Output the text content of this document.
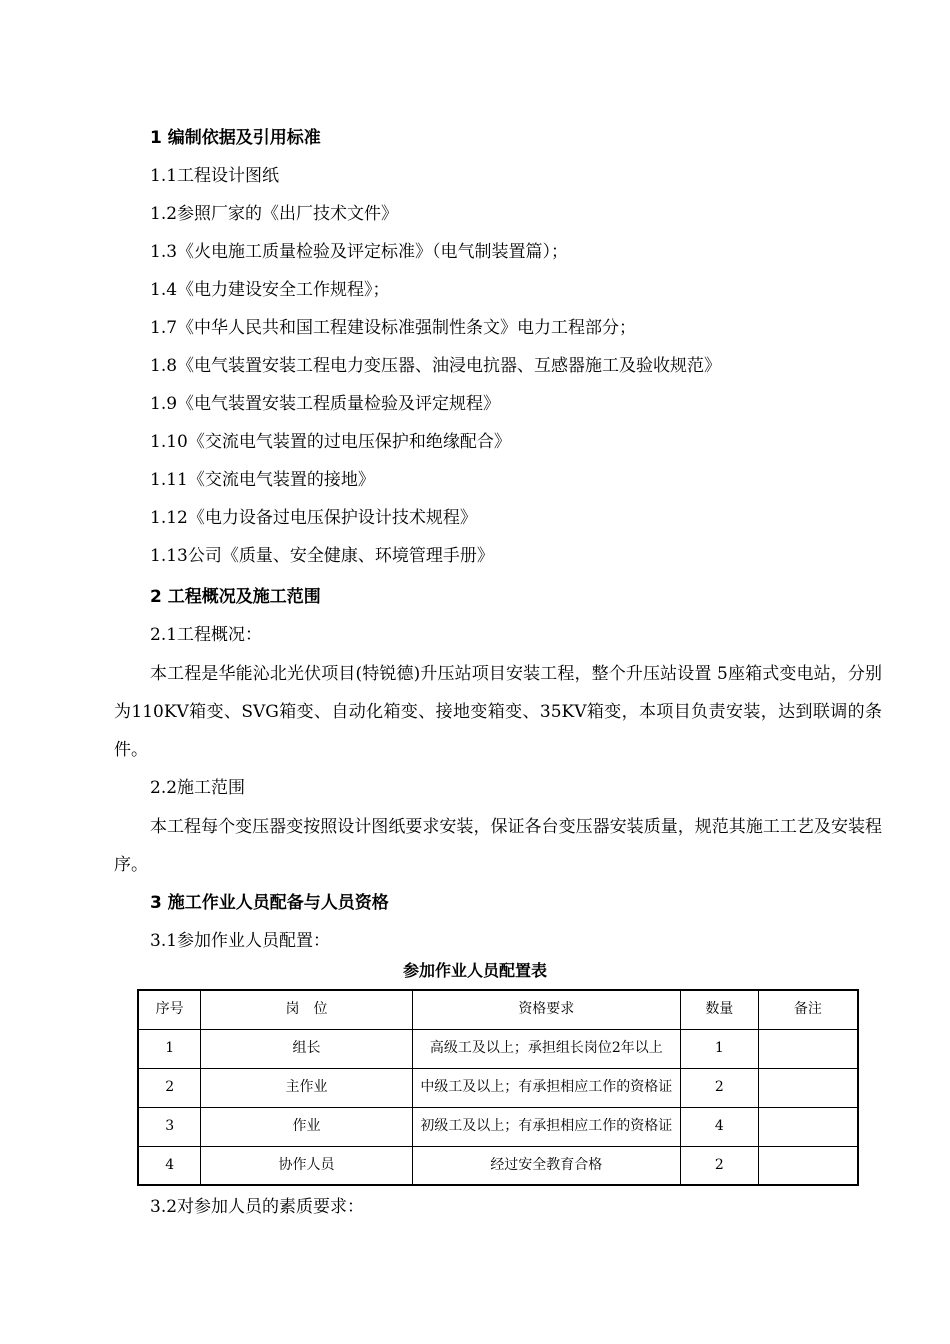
1 编制依据及引用标准
1.1工程设计图纸
1.2参照厂家的《出厂技术文件》
1.3《火电施工质量检验及评定标准》（电气制装置篇）；
1.4《电力建设安全工作规程》；
1.7《中华人民共和国工程建设标准强制性条文》电力工程部分；
1.8《电气装置安装工程电力变压器、油浸电抗器、互感器施工及验收规范》
1.9《电气装置安装工程质量检验及评定规程》
1.10《交流电气装置的过电压保护和绝缘配合》
1.11《交流电气装置的接地》
1.12《电力设备过电压保护设计技术规程》
1.13公司《质量、安全健康、环境管理手册》
2 工程概况及施工范围
2.1工程概况：
本工程是华能沁北光伏项目(特锐德)升压站项目安装工程，整个升压站设置 5座箱式变电站，分别为110KV箱变、SVG箱变、自动化箱变、接地变箱变、35KV箱变，本项目负责安装，达到联调的条件。
2.2施工范围
本工程每个变压器变按照设计图纸要求安装，保证各台变压器安装质量，规范其施工工艺及安装程序。
3 施工作业人员配备与人员资格
3.1参加作业人员配置：
参加作业人员配置表
序号	岗　位	资格要求	数量	备注
1	组长	高级工及以上；承担组长岗位2年以上	1	
2	主作业	中级工及以上；有承担相应工作的资格证	2	
3	作业	初级工及以上；有承担相应工作的资格证	4	
4	协作人员	经过安全教育合格	2	
3.2对参加人员的素质要求：
